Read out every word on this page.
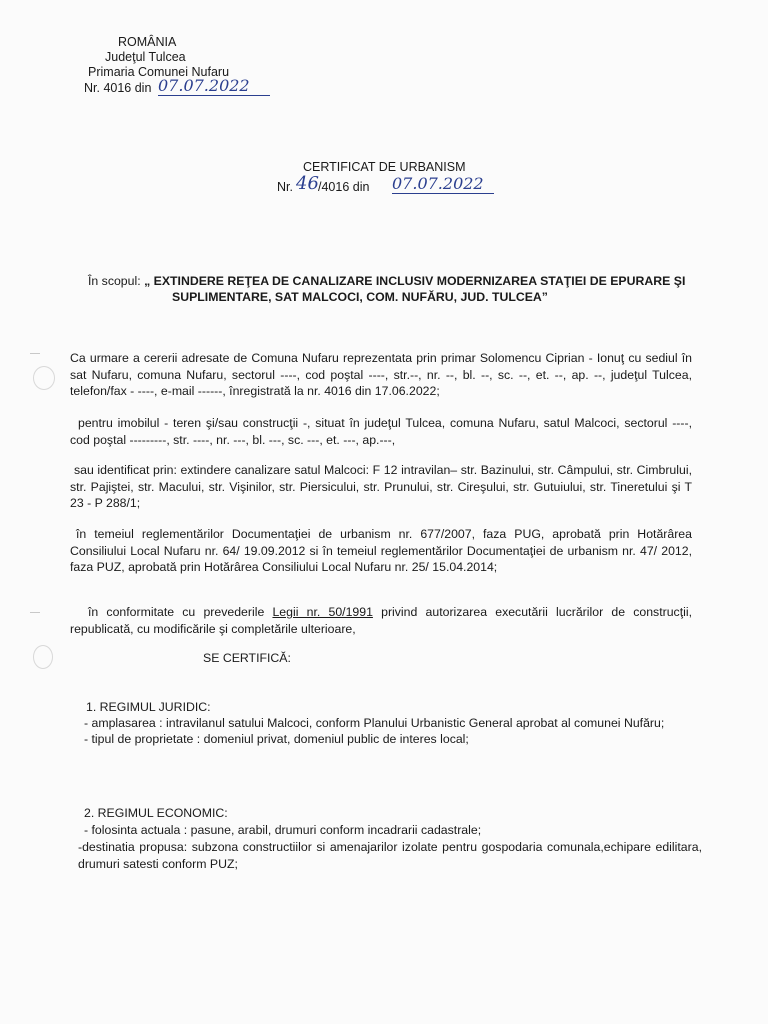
ROMÂNIA
Judeţul Tulcea
Primaria Comunei Nufaru
Nr. 4016 din 07.07.2022
CERTIFICAT DE URBANISM
Nr. 46 /4016 din 07.07.2022
În scopul: „ EXTINDERE REŢEA DE CANALIZARE INCLUSIV MODERNIZAREA STAŢIEI DE EPURARE ŞI
SUPLIMENTARE, SAT MALCOCI, COM. NUFĂRU, JUD. TULCEA”
Ca urmare a cererii adresate de Comuna Nufaru reprezentata prin primar Solomencu Ciprian - Ionuţ cu sediul în sat Nufaru, comuna Nufaru, sectorul ----, cod poştal ----, str.--, nr. --, bl. --, sc. --, et. --, ap. --, judeţul Tulcea, telefon/fax - ----, e-mail ------, înregistrată la nr. 4016 din 17.06.2022;
pentru imobilul - teren şi/sau construcţii -, situat în judeţul Tulcea, comuna Nufaru, satul Malcoci, sectorul ----, cod poştal ---------, str. ----, nr. ---, bl. ---, sc. ---, et. ---, ap.---,
sau identificat prin: extindere canalizare satul Malcoci: F 12 intravilan– str. Bazinului, str. Câmpului, str. Cimbrului, str. Pajiştei, str. Macului, str. Vişinilor, str. Piersicului, str. Prunului, str. Cireşului, str. Gutuiului, str. Tineretului şi T 23 - P 288/1;
în temeiul reglementărilor Documentaţiei de urbanism nr. 677/2007, faza PUG, aprobată prin Hotărârea Consiliului Local Nufaru nr. 64/ 19.09.2012 si în temeiul reglementărilor Documentaţiei de urbanism nr. 47/ 2012, faza PUZ, aprobată prin Hotărârea Consiliului Local Nufaru nr. 25/ 15.04.2014;
în conformitate cu prevederile Legii nr. 50/1991 privind autorizarea executării lucrărilor de construcţii, republicată, cu modificările şi completările ulterioare,
SE CERTIFICĂ:
1. REGIMUL JURIDIC:
- amplasarea : intravilanul satului Malcoci, conform Planului Urbanistic General aprobat al comunei Nufăru;
- tipul de proprietate : domeniul privat, domeniul public de interes local;
2. REGIMUL ECONOMIC:
- folosinta actuala : pasune, arabil, drumuri conform incadrarii cadastrale;
-destinatia propusa: subzona constructiilor si amenajarilor izolate pentru gospodaria comunala,echipare edilitara, drumuri satesti conform PUZ;
